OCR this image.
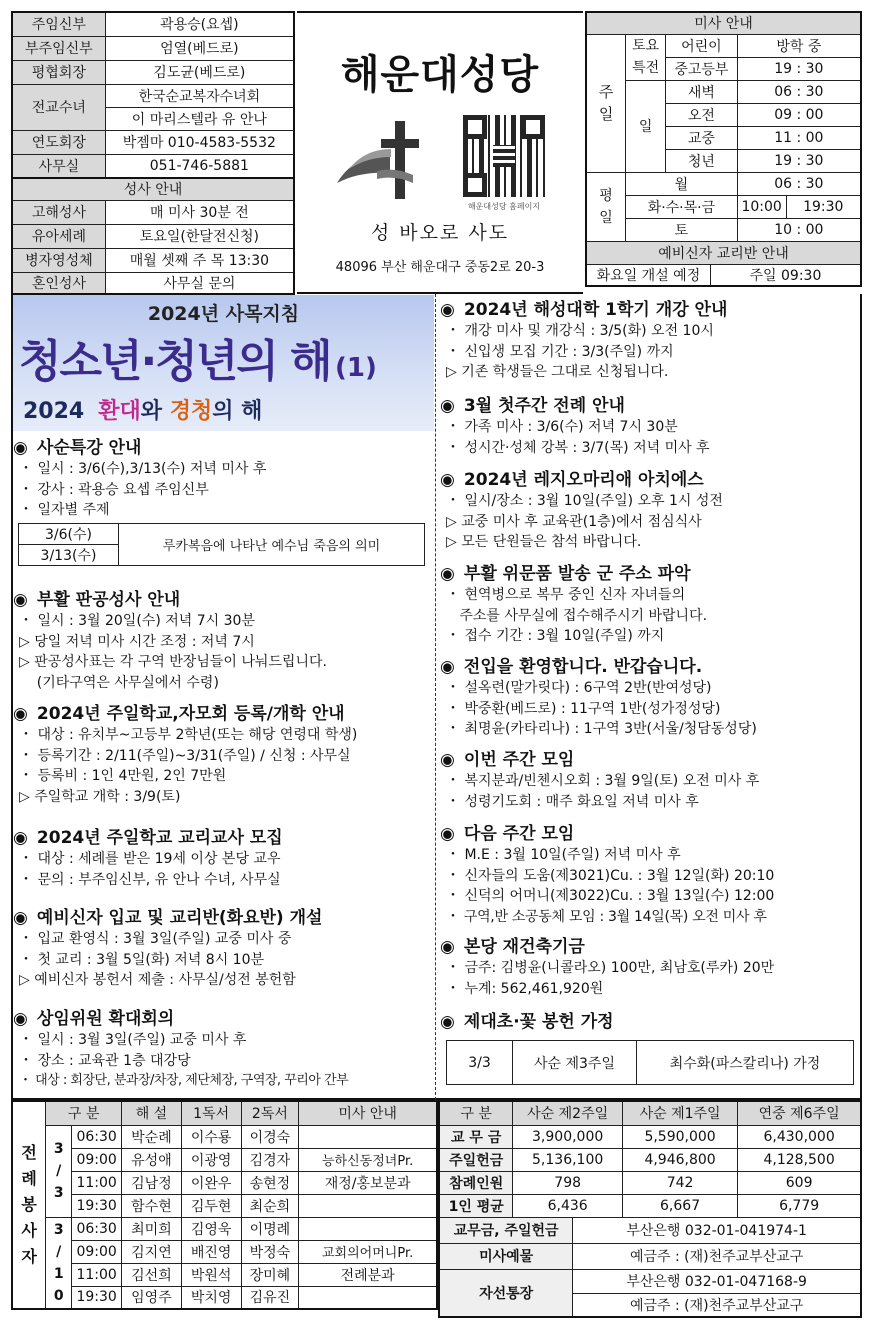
주임신부	곽용승(요셉)
부주임신부	엄열(베드로)
평협회장	김도균(베드로)
전교수녀	한국순교복자수녀회
	이 마리스텔라 유 안나
연도회장	박젬마 010-4583-5532
사무실	051-746-5881
성사 안내	
고해성사	매 미사 30분 전
유아세례	토요일(한달전신청)
병자영성체	매월 셋째 주 목 13:30
혼인성사	사무실 문의
해운대성당
해운대성당 홈페이지
성 바오로 사도
48096 부산 해운대구 중동2로 20-3
미사 안내					
주일	토요특전	어린이		방학 중	
		중고등부		19 : 30	
	일	새벽		06 : 30	
		오전		09 : 00	
		교중		11 : 00	
		청년		19 : 30	
평일	월			06 : 30	
	화·수·목·금			10:00	19:30
	토			10 : 00	
예비신자 교리반 안내					
화요일 개설 예정			주일 09:30		
2024년 사목지침
청소년·청년의 해 (1)
2024 환대와 경청의 해
◉ 사순특강 안내
・ 일시 : 3/6(수),3/13(수) 저녁 미사 후
・ 강사 : 곽용승 요셉 주임신부
・ 일자별 주제
3/6(수)	루카복음에 나타난 예수님 죽음의 의미
3/13(수)
◉ 부활 판공성사 안내
・ 일시 : 3월 20일(수) 저녁 7시 30분
▷ 당일 저녁 미사 시간 조정 : 저녁 7시
▷ 판공성사표는 각 구역 반장님들이 나눠드립니다.
(기타구역은 사무실에서 수령)
◉ 2024년 주일학교,자모회 등록/개학 안내
・ 대상 : 유치부~고등부 2학년(또는 해당 연령대 학생)
・ 등록기간 : 2/11(주일)~3/31(주일) / 신청 : 사무실
・ 등록비 : 1인 4만원, 2인 7만원
▷ 주일학교 개학 : 3/9(토)
◉ 2024년 주일학교 교리교사 모집
・ 대상 : 세례를 받은 19세 이상 본당 교우
・ 문의 : 부주임신부, 유 안나 수녀, 사무실
◉ 예비신자 입교 및 교리반(화요반) 개설
・ 입교 환영식 : 3월 3일(주일) 교중 미사 중
・ 첫 교리 : 3월 5일(화) 저녁 8시 10분
▷ 예비신자 봉헌서 제출 : 사무실/성전 봉헌함
◉ 상임위원 확대회의
・ 일시 : 3월 3일(주일) 교중 미사 후
・ 장소 : 교육관 1층 대강당
・ 대상 : 회장단, 분과장/차장, 제단체장, 구역장, 꾸리아 간부
◉ 2024년 해성대학 1학기 개강 안내
・ 개강 미사 및 개강식 : 3/5(화) 오전 10시
・ 신입생 모집 기간 : 3/3(주일) 까지
▷ 기존 학생들은 그대로 신청됩니다.
◉ 3월 첫주간 전례 안내
・ 가족 미사 : 3/6(수) 저녁 7시 30분
・ 성시간·성체 강복 : 3/7(목) 저녁 미사 후
◉ 2024년 레지오마리애 아치에스
・ 일시/장소 : 3월 10일(주일) 오후 1시 성전
▷ 교중 미사 후 교육관(1층)에서 점심식사
▷ 모든 단원들은 참석 바랍니다.
◉ 부활 위문품 발송 군 주소 파악
・ 현역병으로 복무 중인 신자 자녀들의
주소를 사무실에 접수해주시기 바랍니다.
・ 접수 기간 : 3월 10일(주일) 까지
◉ 전입을 환영합니다. 반갑습니다.
・ 설옥련(말가릿다) : 6구역 2반(반여성당)
・ 박중환(베드로) : 11구역 1반(성가정성당)
・ 최명윤(카타리나) : 1구역 3반(서울/청담동성당)
◉ 이번 주간 모임
・ 복지분과/빈첸시오회 : 3월 9일(토) 오전 미사 후
・ 성령기도회 : 매주 화요일 저녁 미사 후
◉ 다음 주간 모임
・ M.E : 3월 10일(주일) 저녁 미사 후
・ 신자들의 도움(제3021)Cu. : 3월 12일(화) 20:10
・ 신덕의 어머니(제3022)Cu. : 3월 13일(수) 12:00
・ 구역,반 소공동체 모임 : 3월 14일(목) 오전 미사 후
◉ 본당 재건축기금
・ 금주: 김병윤(니콜라오) 100만, 최남호(루카) 20만
・ 누계: 562,461,920원
◉ 제대초·꽃 봉헌 가정
3/3	사순 제3주일	최수화(파스칼리나) 가정
전
례
봉
사
자	구 분		해 설	1독서	2독서	미사 안내
	3 / 3	06:30	박순례	이수룡	이경숙	
		09:00	유성애	이광영	김경자	능하신동정녀Pr.
		11:00	김남정	이완우	송현정	재정/홍보분과
		19:30	함수현	김두현	최순희	
	3 / 10	06:30	최미희	김영욱	이명례	
		09:00	김지연	배진영	박정숙	교회의어머니Pr.
		11:00	김선희	박원석	장미혜	전례분과
		19:30	임영주	박치영	김유진	
구 분	사순 제2주일		사순 제1주일	연중 제6주일
교 무 금	3,900,000		5,590,000	6,430,000
주일헌금	5,136,100		4,946,800	4,128,500
참례인원	798		742	609
1인 평균	6,436		6,667	6,779
교무금, 주일헌금		부산은행 032-01-041974-1		
미사예물		예금주 : (재)천주교부산교구		
자선통장		부산은행 032-01-047168-9		
		예금주 : (재)천주교부산교구		
